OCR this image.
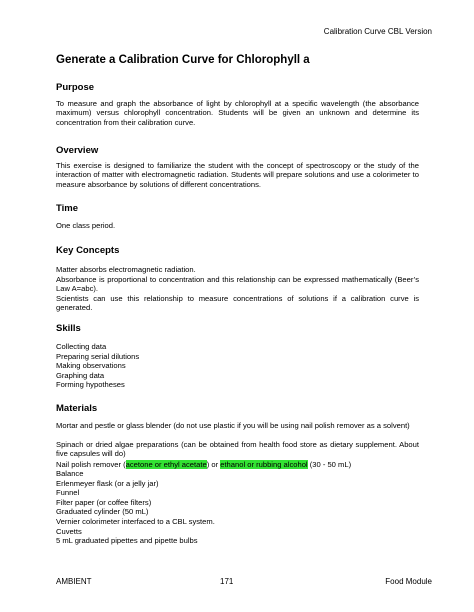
Calibration Curve CBL Version
Generate a Calibration Curve for Chlorophyll a
Purpose

To measure and graph the absorbance of light by chlorophyll at a specific wavelength (the absorbance maximum) versus chlorophyll concentration. Students will be given an unknown and determine its concentration from their calibration curve.

Overview

This exercise is designed to familiarize the student with the concept of spectroscopy or the study of the interaction of matter with electromagnetic radiation. Students will prepare solutions and use a colorimeter to measure absorbance by solutions of different concentrations.

Time

One class period.

Key Concepts

Matter absorbs electromagnetic radiation.

Absorbance is proportional to concentration and this relationship can be expressed mathematically (Beer’s Law A=abc).

Scientists can use this relationship to measure concentrations of solutions if a calibration curve is generated.

Skills
Collecting data
Preparing serial dilutions
Making observations
Graphing data
Forming hypotheses
Materials

Mortar and pestle or glass blender (do not use plastic if you will be using nail polish remover as a solvent)

Spinach or dried algae preparations (can be obtained from health food store as dietary supplement. About five capsules will do)

Nail polish remover (acetone or ethyl acetate) or ethanol or rubbing alcohol (30 - 50 mL)
Balance
Erlenmeyer flask (or a jelly jar)
Funnel
Filter paper (or coffee filters)
Graduated cylinder (50 mL)
Vernier colorimeter interfaced to a CBL system.
Cuvetts
5 mL graduated pipettes and pipette bulbs
AMBIENT	171	Food Module
